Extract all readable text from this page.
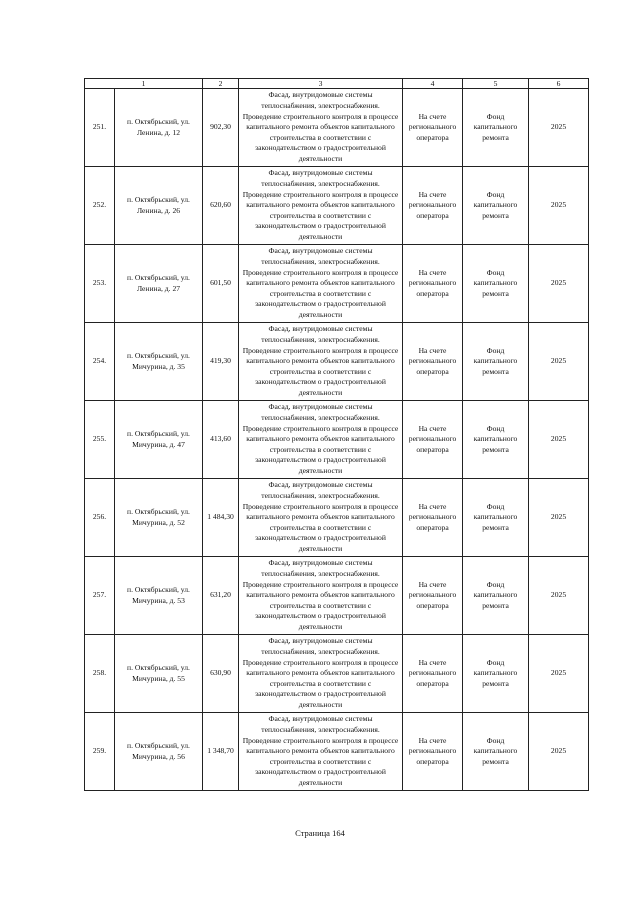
1		2	3	4	5	6
251.	п. Октябрьский, ул. Ленина, д. 12	902,30	Фасад, внутридомовые системы теплоснабжения, электроснабжения. Проведение строительного контроля в процессе капитального ремонта объектов капитального строительства в соответствии с законодательством о градостроительной деятельности	На счете регионального оператора	Фонд капитального ремонта	2025
252.	п. Октябрьский, ул. Ленина, д. 26	620,60	Фасад, внутридомовые системы теплоснабжения, электроснабжения. Проведение строительного контроля в процессе капитального ремонта объектов капитального строительства в соответствии с законодательством о градостроительной деятельности	На счете регионального оператора	Фонд капитального ремонта	2025
253.	п. Октябрьский, ул. Ленина, д. 27	601,50	Фасад, внутридомовые системы теплоснабжения, электроснабжения. Проведение строительного контроля в процессе капитального ремонта объектов капитального строительства в соответствии с законодательством о градостроительной деятельности	На счете регионального оператора	Фонд капитального ремонта	2025
254.	п. Октябрьский, ул. Мичурина, д. 35	419,30	Фасад, внутридомовые системы теплоснабжения, электроснабжения. Проведение строительного контроля в процессе капитального ремонта объектов капитального строительства в соответствии с законодательством о градостроительной деятельности	На счете регионального оператора	Фонд капитального ремонта	2025
255.	п. Октябрьский, ул. Мичурина, д. 47	413,60	Фасад, внутридомовые системы теплоснабжения, электроснабжения. Проведение строительного контроля в процессе капитального ремонта объектов капитального строительства в соответствии с законодательством о градостроительной деятельности	На счете регионального оператора	Фонд капитального ремонта	2025
256.	п. Октябрьский, ул. Мичурина, д. 52	1 484,30	Фасад, внутридомовые системы теплоснабжения, электроснабжения. Проведение строительного контроля в процессе капитального ремонта объектов капитального строительства в соответствии с законодательством о градостроительной деятельности	На счете регионального оператора	Фонд капитального ремонта	2025
257.	п. Октябрьский, ул. Мичурина, д. 53	631,20	Фасад, внутридомовые системы теплоснабжения, электроснабжения. Проведение строительного контроля в процессе капитального ремонта объектов капитального строительства в соответствии с законодательством о градостроительной деятельности	На счете регионального оператора	Фонд капитального ремонта	2025
258.	п. Октябрьский, ул. Мичурина, д. 55	630,90	Фасад, внутридомовые системы теплоснабжения, электроснабжения. Проведение строительного контроля в процессе капитального ремонта объектов капитального строительства в соответствии с законодательством о градостроительной деятельности	На счете регионального оператора	Фонд капитального ремонта	2025
259.	п. Октябрьский, ул. Мичурина, д. 56	1 348,70	Фасад, внутридомовые системы теплоснабжения, электроснабжения. Проведение строительного контроля в процессе капитального ремонта объектов капитального строительства в соответствии с законодательством о градостроительной деятельности	На счете регионального оператора	Фонд капитального ремонта	2025
Страница 164
